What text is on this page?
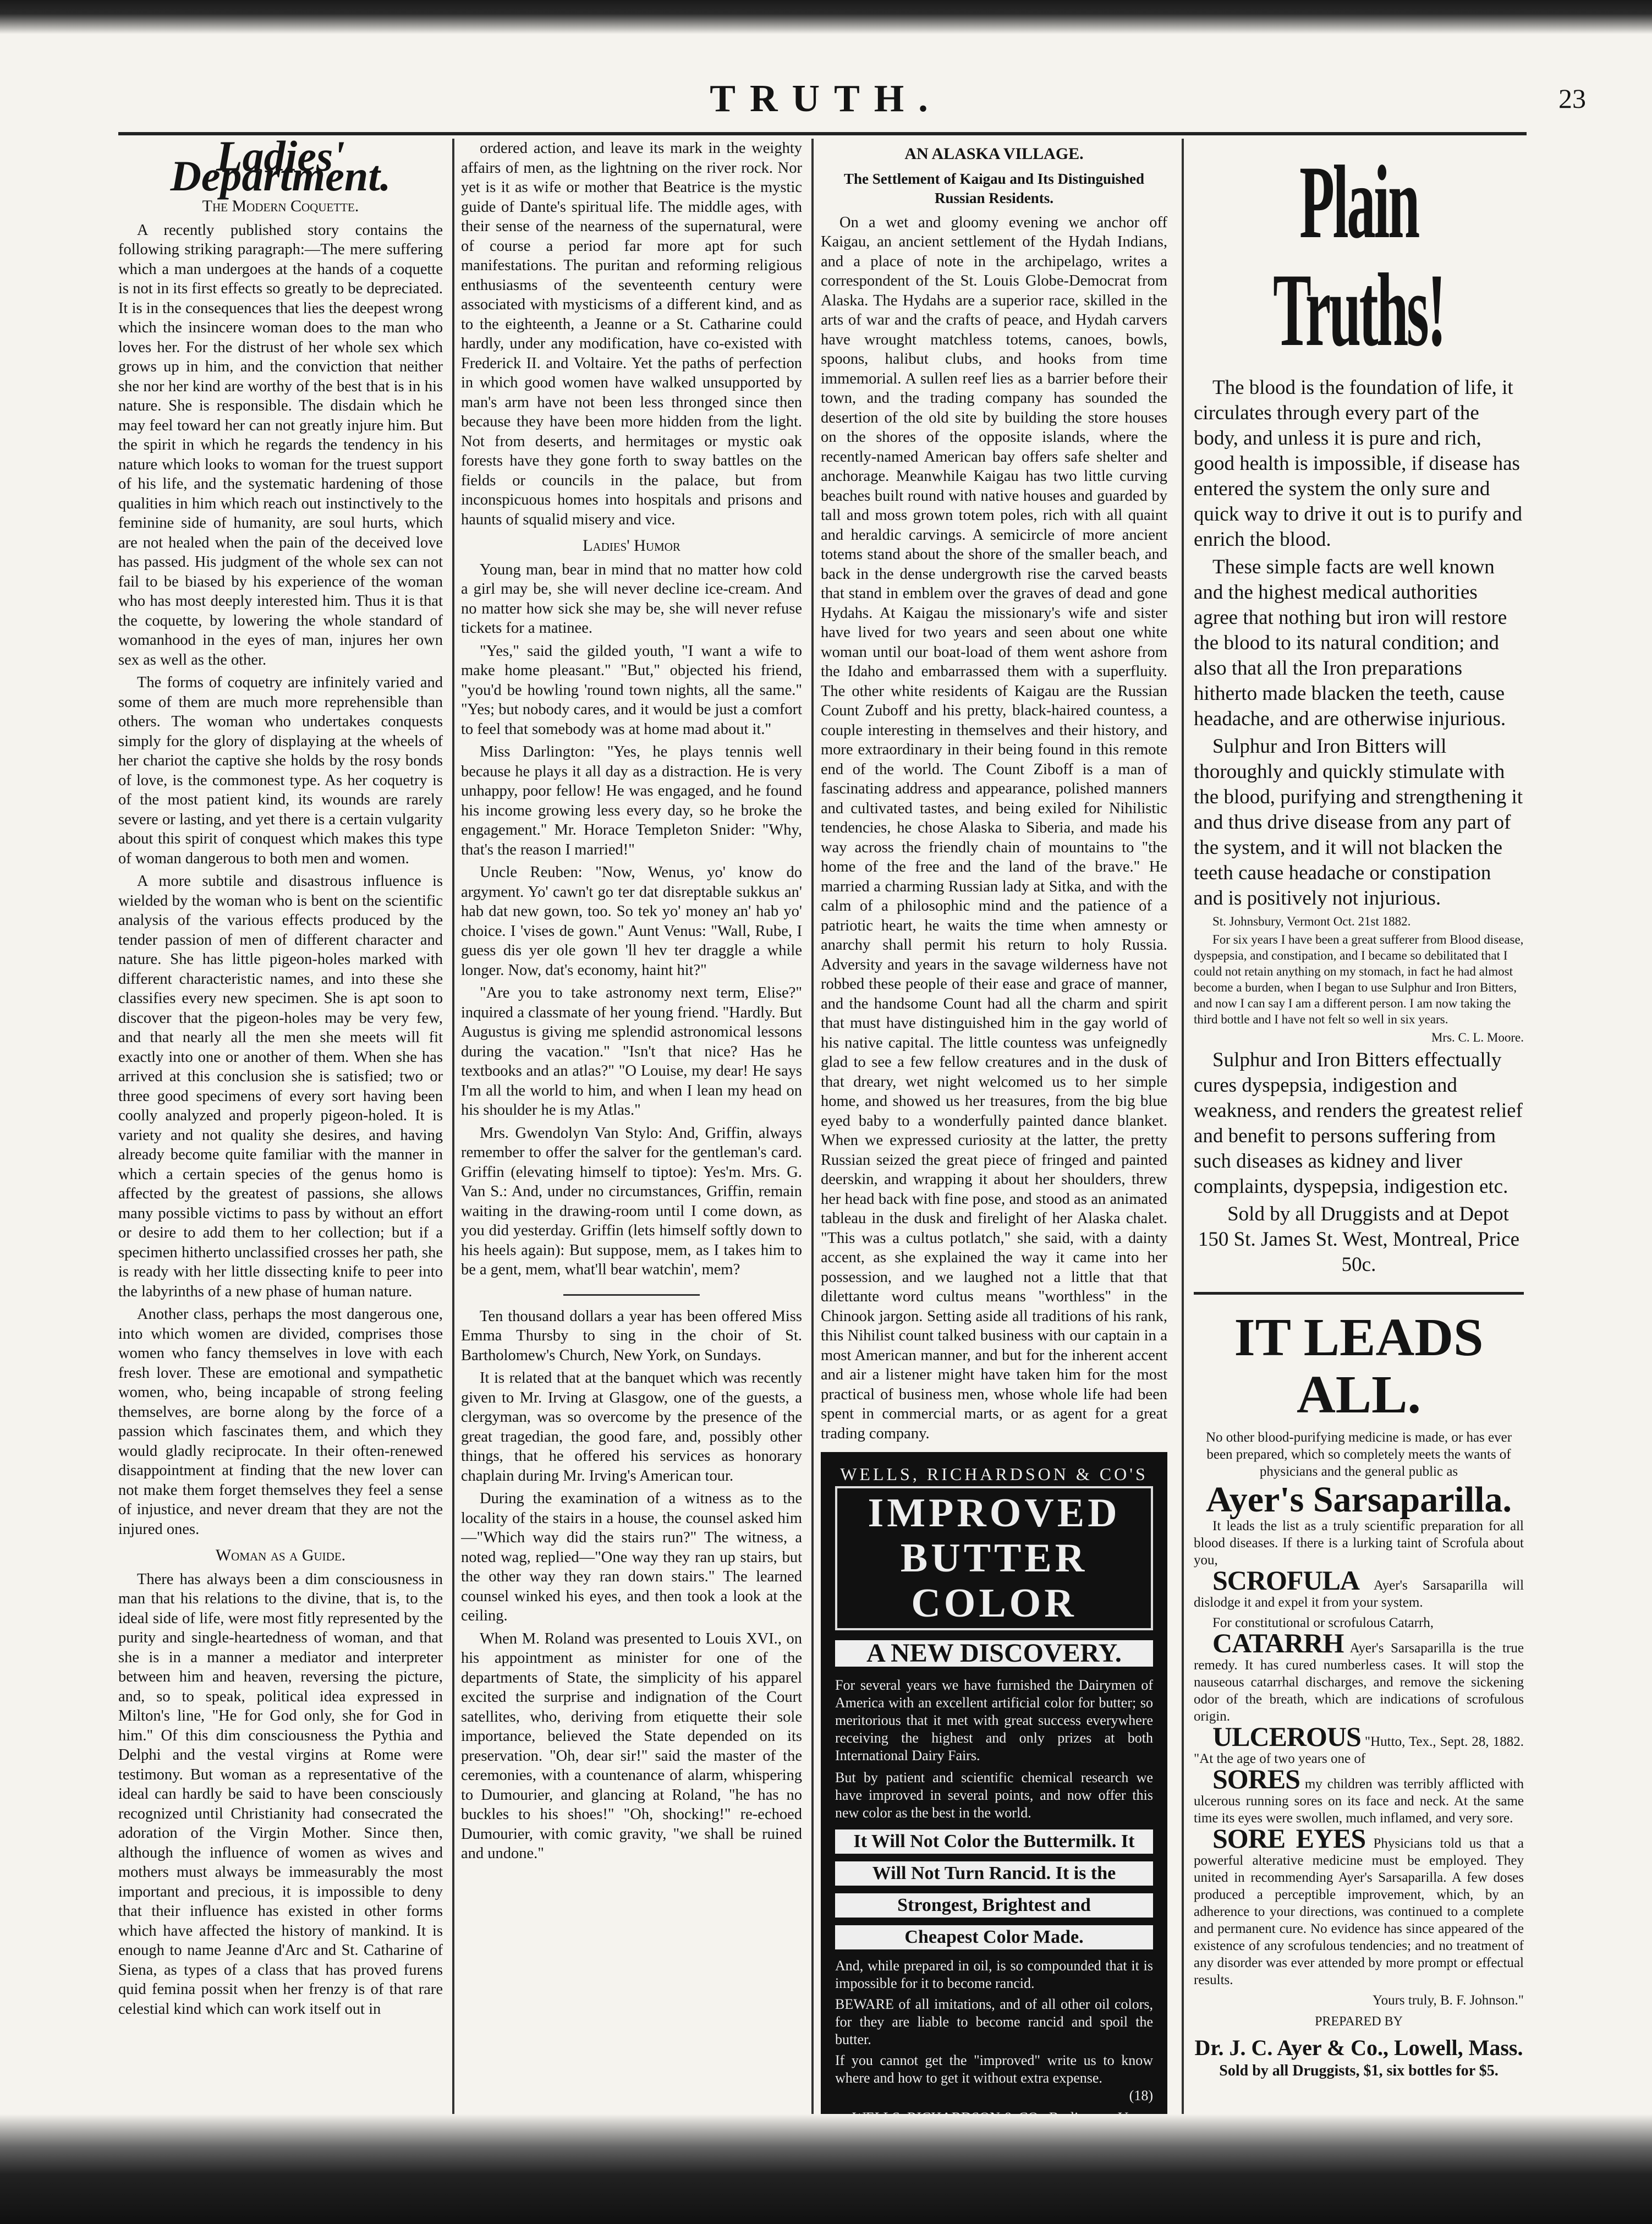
TRUTH.	23
Ladies' Department.
The Modern Coquette.

A recently published story contains the following striking paragraph:—The mere suffering which a man undergoes at the hands of a coquette is not in its first effects so greatly to be depreciated. It is in the consequences that lies the deepest wrong which the insincere woman does to the man who loves her. For the distrust of her whole sex which grows up in him, and the conviction that neither she nor her kind are worthy of the best that is in his nature. She is responsible. The disdain which he may feel toward her can not greatly injure him. But the spirit in which he regards the tendency in his nature which looks to woman for the truest support of his life, and the systematic hardening of those qualities in him which reach out instinctively to the feminine side of humanity, are soul hurts, which are not healed when the pain of the deceived love has passed. His judgment of the whole sex can not fail to be biased by his experience of the woman who has most deeply interested him. Thus it is that the coquette, by lowering the whole standard of womanhood in the eyes of man, injures her own sex as well as the other.

The forms of coquetry are infinitely varied and some of them are much more reprehensible than others. The woman who undertakes conquests simply for the glory of displaying at the wheels of her chariot the captive she holds by the rosy bonds of love, is the commonest type. As her coquetry is of the most patient kind, its wounds are rarely severe or lasting, and yet there is a certain vulgarity about this spirit of conquest which makes this type of woman dangerous to both men and women.

A more subtile and disastrous influence is wielded by the woman who is bent on the scientific analysis of the various effects produced by the tender passion of men of different character and nature. She has little pigeon-holes marked with different characteristic names, and into these she classifies every new specimen. She is apt soon to discover that the pigeon-holes may be very few, and that nearly all the men she meets will fit exactly into one or another of them. When she has arrived at this conclusion she is satisfied; two or three good specimens of every sort having been coolly analyzed and properly pigeon-holed. It is variety and not quality she desires, and having already become quite familiar with the manner in which a certain species of the genus homo is affected by the greatest of passions, she allows many possible victims to pass by without an effort or desire to add them to her collection; but if a specimen hitherto unclassified crosses her path, she is ready with her little dissecting knife to peer into the labyrinths of a new phase of human nature.

Another class, perhaps the most dangerous one, into which women are divided, comprises those women who fancy themselves in love with each fresh lover. These are emotional and sympathetic women, who, being incapable of strong feeling themselves, are borne along by the force of a passion which fascinates them, and which they would gladly reciprocate. In their often-renewed disappointment at finding that the new lover can not make them forget themselves they feel a sense of injustice, and never dream that they are not the injured ones.

Woman as a Guide.

There has always been a dim consciousness in man that his relations to the divine, that is, to the ideal side of life, were most fitly represented by the purity and single-heartedness of woman, and that she is in a manner a mediator and interpreter between him and heaven, reversing the picture, and, so to speak, political idea expressed in Milton's line, "He for God only, she for God in him." Of this dim consciousness the Pythia and Delphi and the vestal virgins at Rome were testimony. But woman as a representative of the ideal can hardly be said to have been consciously recognized until Christianity had consecrated the adoration of the Virgin Mother. Since then, although the influence of women as wives and mothers must always be immeasurably the most important and precious, it is impossible to deny that their influence has existed in other forms which have affected the history of mankind. It is enough to name Jeanne d'Arc and St. Catharine of Siena, as types of a class that has proved furens quid femina possit when her frenzy is of that rare celestial kind which can work itself out in

ordered action, and leave its mark in the weighty affairs of men, as the lightning on the river rock. Nor yet is it as wife or mother that Beatrice is the mystic guide of Dante's spiritual life. The middle ages, with their sense of the nearness of the supernatural, were of course a period far more apt for such manifestations. The puritan and reforming religious enthusiasms of the seventeenth century were associated with mysticisms of a different kind, and as to the eighteenth, a Jeanne or a St. Catharine could hardly, under any modification, have co-existed with Frederick II. and Voltaire. Yet the paths of perfection in which good women have walked unsupported by man's arm have not been less thronged since then because they have been more hidden from the light. Not from deserts, and hermitages or mystic oak forests have they gone forth to sway battles on the fields or councils in the palace, but from inconspicuous homes into hospitals and prisons and haunts of squalid misery and vice.

Ladies' Humor

Young man, bear in mind that no matter how cold a girl may be, she will never decline ice-cream. And no matter how sick she may be, she will never refuse tickets for a matinee.

"Yes," said the gilded youth, "I want a wife to make home pleasant." "But," objected his friend, "you'd be howling 'round town nights, all the same." "Yes; but nobody cares, and it would be just a comfort to feel that somebody was at home mad about it."

Miss Darlington: "Yes, he plays tennis well because he plays it all day as a distraction. He is very unhappy, poor fellow! He was engaged, and he found his income growing less every day, so he broke the engagement." Mr. Horace Templeton Snider: "Why, that's the reason I married!"

Uncle Reuben: "Now, Wenus, yo' know do argyment. Yo' cawn't go ter dat disreptable sukkus an' hab dat new gown, too. So tek yo' money an' hab yo' choice. I 'vises de gown." Aunt Venus: "Wall, Rube, I guess dis yer ole gown 'll hev ter draggle a while longer. Now, dat's economy, haint hit?"

"Are you to take astronomy next term, Elise?" inquired a classmate of her young friend. "Hardly. But Augustus is giving me splendid astronomical lessons during the vacation." "Isn't that nice? Has he textbooks and an atlas?" "O Louise, my dear! He says I'm all the world to him, and when I lean my head on his shoulder he is my Atlas."

Mrs. Gwendolyn Van Stylo: And, Griffin, always remember to offer the salver for the gentleman's card. Griffin (elevating himself to tiptoe): Yes'm. Mrs. G. Van S.: And, under no circumstances, Griffin, remain waiting in the drawing-room until I come down, as you did yesterday. Griffin (lets himself softly down to his heels again): But suppose, mem, as I takes him to be a gent, mem, what'll bear watchin', mem?

Ten thousand dollars a year has been offered Miss Emma Thursby to sing in the choir of St. Bartholomew's Church, New York, on Sundays.

It is related that at the banquet which was recently given to Mr. Irving at Glasgow, one of the guests, a clergyman, was so overcome by the presence of the great tragedian, the good fare, and, possibly other things, that he offered his services as honorary chaplain during Mr. Irving's American tour.

During the examination of a witness as to the locality of the stairs in a house, the counsel asked him—"Which way did the stairs run?" The witness, a noted wag, replied—"One way they ran up stairs, but the other way they ran down stairs." The learned counsel winked his eyes, and then took a look at the ceiling.

When M. Roland was presented to Louis XVI., on his appointment as minister for one of the departments of State, the simplicity of his apparel excited the surprise and indignation of the Court satellites, who, deriving from etiquette their sole importance, believed the State depended on its preservation. "Oh, dear sir!" said the master of the ceremonies, with a countenance of alarm, whispering to Dumourier, and glancing at Roland, "he has no buckles to his shoes!" "Oh, shocking!" re-echoed Dumourier, with comic gravity, "we shall be ruined and undone."

AN ALASKA VILLAGE.
The Settlement of Kaigau and Its Distinguished Russian Residents.

On a wet and gloomy evening we anchor off Kaigau, an ancient settlement of the Hydah Indians, and a place of note in the archipelago, writes a correspondent of the St. Louis Globe-Democrat from Alaska. The Hydahs are a superior race, skilled in the arts of war and the crafts of peace, and Hydah carvers have wrought matchless totems, canoes, bowls, spoons, halibut clubs, and hooks from time immemorial. A sullen reef lies as a barrier before their town, and the trading company has sounded the desertion of the old site by building the store houses on the shores of the opposite islands, where the recently-named American bay offers safe shelter and anchorage. Meanwhile Kaigau has two little curving beaches built round with native houses and guarded by tall and moss grown totem poles, rich with all quaint and heraldic carvings. A semicircle of more ancient totems stand about the shore of the smaller beach, and back in the dense undergrowth rise the carved beasts that stand in emblem over the graves of dead and gone Hydahs. At Kaigau the missionary's wife and sister have lived for two years and seen about one white woman until our boat-load of them went ashore from the Idaho and embarrassed them with a superfluity. The other white residents of Kaigau are the Russian Count Zuboff and his pretty, black-haired countess, a couple interesting in themselves and their history, and more extraordinary in their being found in this remote end of the world. The Count Ziboff is a man of fascinating address and appearance, polished manners and cultivated tastes, and being exiled for Nihilistic tendencies, he chose Alaska to Siberia, and made his way across the friendly chain of mountains to "the home of the free and the land of the brave." He married a charming Russian lady at Sitka, and with the calm of a philosophic mind and the patience of a patriotic heart, he waits the time when amnesty or anarchy shall permit his return to holy Russia. Adversity and years in the savage wilderness have not robbed these people of their ease and grace of manner, and the handsome Count had all the charm and spirit that must have distinguished him in the gay world of his native capital. The little countess was unfeignedly glad to see a few fellow creatures and in the dusk of that dreary, wet night welcomed us to her simple home, and showed us her treasures, from the big blue eyed baby to a wonderfully painted dance blanket. When we expressed curiosity at the latter, the pretty Russian seized the great piece of fringed and painted deerskin, and wrapping it about her shoulders, threw her head back with fine pose, and stood as an animated tableau in the dusk and firelight of her Alaska chalet. "This was a cultus potlatch," she said, with a dainty accent, as she explained the way it came into her possession, and we laughed not a little that that dilettante word cultus means "worthless" in the Chinook jargon. Setting aside all traditions of his rank, this Nihilist count talked business with our captain in a most American manner, and but for the inherent accent and air a listener might have taken him for the most practical of business men, whose whole life had been spent in commercial marts, or as agent for a great trading company.

WELLS, RICHARDSON & CO'S
IMPROVED BUTTER COLOR
A NEW DISCOVERY.
For several years we have furnished the Dairymen of America with an excellent artificial color for butter; so meritorious that it met with great success everywhere receiving the highest and only prizes at both International Dairy Fairs.
But by patient and scientific chemical research we have improved in several points, and now offer this new color as the best in the world.
It Will Not Color the Buttermilk. It
Will Not Turn Rancid. It is the
Strongest, Brightest and
Cheapest Color Made.
And, while prepared in oil, is so compounded that it is impossible for it to become rancid.
BEWARE of all imitations, and of all other oil colors, for they are liable to become rancid and spoil the butter.
If you cannot get the "improved" write us to know where and how to get it without extra expense.
(18)
Plain Truths!

The blood is the foundation of life, it circulates through every part of the body, and unless it is pure and rich, good health is impossible, if disease has entered the system the only sure and quick way to drive it out is to purify and enrich the blood.

These simple facts are well known and the highest medical authorities agree that nothing but iron will restore the blood to its natural condition; and also that all the Iron preparations hitherto made blacken the teeth, cause headache, and are otherwise injurious.

Sulphur and Iron Bitters will thoroughly and quickly stimulate with the blood, purifying and strengthening it and thus drive disease from any part of the system, and it will not blacken the teeth cause headache or constipation and is positively not injurious.

St. Johnsbury, Vermont Oct. 21st 1882.

For six years I have been a great sufferer from Blood disease, dyspepsia, and constipation, and I became so debilitated that I could not retain anything on my stomach, in fact he had almost become a burden, when I began to use Sulphur and Iron Bitters, and now I can say I am a different person. I am now taking the third bottle and I have not felt so well in six years.

Mrs. C. L. Moore.

Sulphur and Iron Bitters effectually cures dyspepsia, indigestion and weakness, and renders the greatest relief and benefit to persons suffering from such diseases as kidney and liver complaints, dyspepsia, indigestion etc.

Sold by all Druggists and at Depot 150 St. James St. West, Montreal, Price 50c.

IT LEADS ALL.
No other blood-purifying medicine is made, or has ever been prepared, which so completely meets the wants of physicians and the general public as
Ayer's Sarsaparilla.

It leads the list as a truly scientific preparation for all blood diseases. If there is a lurking taint of Scrofula about you,

SCROFULA Ayer's Sarsaparilla will dislodge it and expel it from your system.

For constitutional or scrofulous Catarrh,

CATARRH Ayer's Sarsaparilla is the true remedy. It has cured numberless cases. It will stop the nauseous catarrhal discharges, and remove the sickening odor of the breath, which are indications of scrofulous origin.

ULCEROUS "Hutto, Tex., Sept. 28, 1882. "At the age of two years one of

SORES my children was terribly afflicted with ulcerous running sores on its face and neck. At the same time its eyes were swollen, much inflamed, and very sore.

SORE EYES Physicians told us that a powerful alterative medicine must be employed. They united in recommending Ayer's Sarsaparilla. A few doses produced a perceptible improvement, which, by an adherence to your directions, was continued to a complete and permanent cure. No evidence has since appeared of the existence of any scrofulous tendencies; and no treatment of any disorder was ever attended by more prompt or effectual results.

Yours truly, B. F. Johnson."

PREPARED BY
Dr. J. C. Ayer & Co., Lowell, Mass.
Sold by all Druggists, $1, six bottles for $5.
